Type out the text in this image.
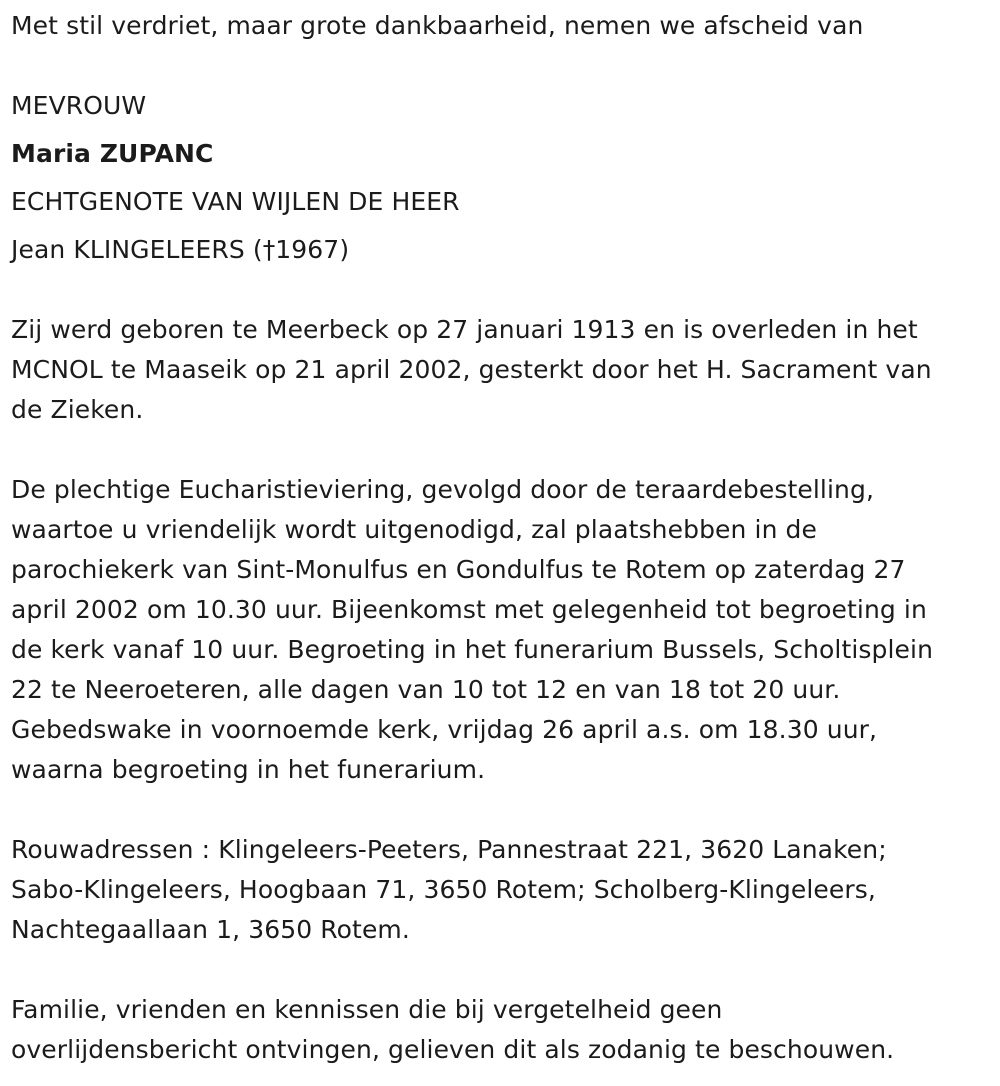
Met stil verdriet, maar grote dankbaarheid, nemen we afscheid van
MEVROUW
Maria ZUPANC
ECHTGENOTE VAN WIJLEN DE HEER
Jean KLINGELEERS (†1967)
Zij werd geboren te Meerbeck op 27 januari 1913 en is overleden in het
MCNOL te Maaseik op 21 april 2002, gesterkt door het H. Sacrament van
de Zieken.
De plechtige Eucharistieviering, gevolgd door de teraardebestelling,
waartoe u vriendelijk wordt uitgenodigd, zal plaatshebben in de
parochiekerk van Sint-Monulfus en Gondulfus te Rotem op zaterdag 27
april 2002 om 10.30 uur. Bijeenkomst met gelegenheid tot begroeting in
de kerk vanaf 10 uur. Begroeting in het funerarium Bussels, Scholtisplein
22 te Neeroeteren, alle dagen van 10 tot 12 en van 18 tot 20 uur.
Gebedswake in voornoemde kerk, vrijdag 26 april a.s. om 18.30 uur,
waarna begroeting in het funerarium.
Rouwadressen : Klingeleers-Peeters, Pannestraat 221, 3620 Lanaken;
Sabo-Klingeleers, Hoogbaan 71, 3650 Rotem; Scholberg-Klingeleers,
Nachtegaallaan 1, 3650 Rotem.
Familie, vrienden en kennissen die bij vergetelheid geen
overlijdensbericht ontvingen, gelieven dit als zodanig te beschouwen.
